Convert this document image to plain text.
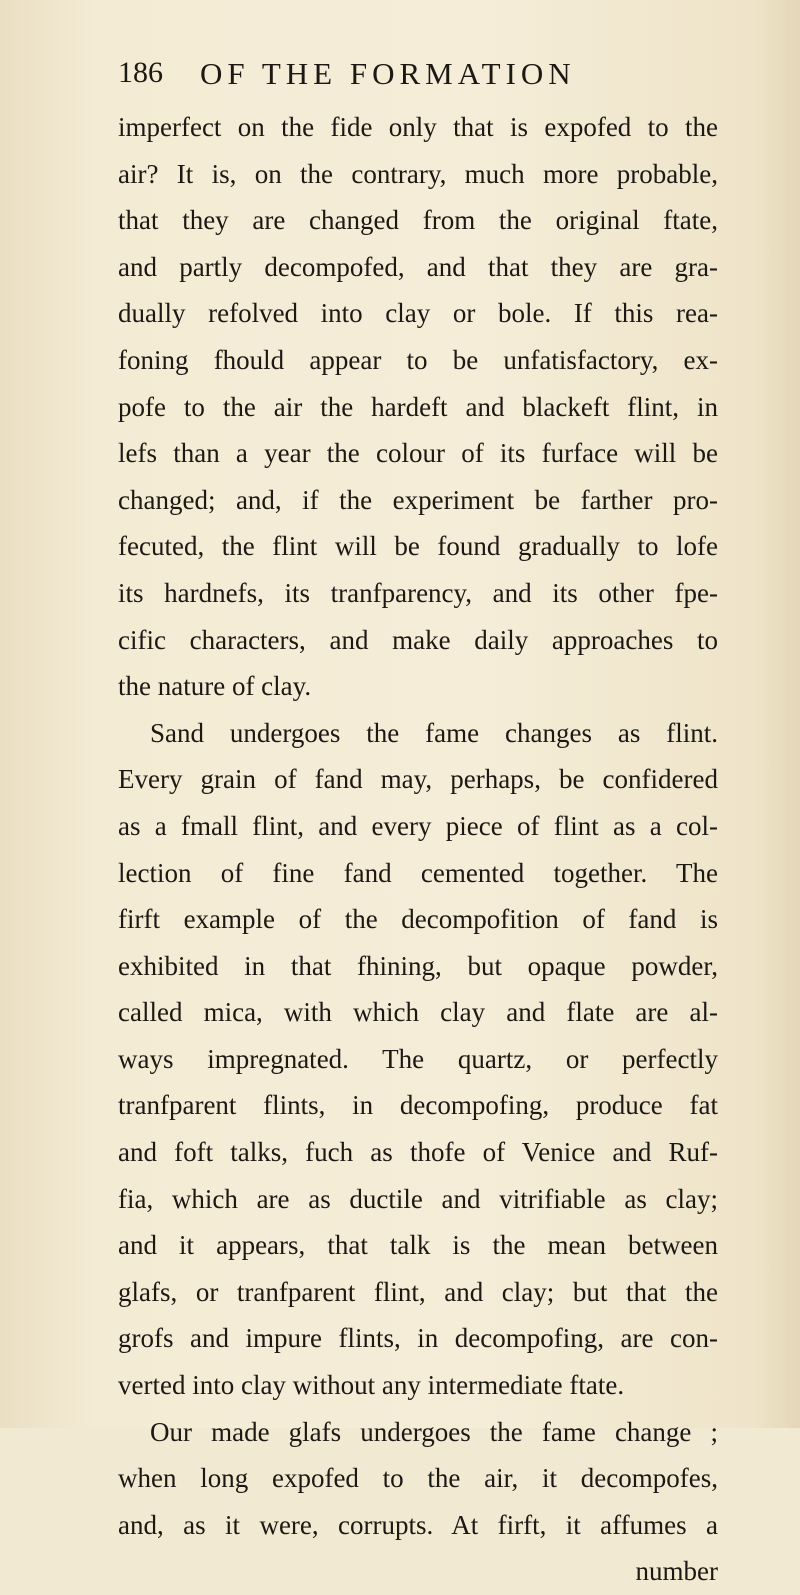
186 OF THE FORMATION
imperfect on the fide only that is expofed to the
air? It is, on the contrary, much more probable,
that they are changed from the original ftate,
and partly decompofed, and that they are gra-
dually refolved into clay or bole. If this rea-
foning fhould appear to be unfatisfactory, ex-
pofe to the air the hardeft and blackeft flint, in
lefs than a year the colour of its furface will be
changed; and, if the experiment be farther pro-
fecuted, the flint will be found gradually to lofe
its hardnefs, its tranfparency, and its other fpe-
cific characters, and make daily approaches to
the nature of clay.
Sand undergoes the fame changes as flint.
Every grain of fand may, perhaps, be confidered
as a fmall flint, and every piece of flint as a col-
lection of fine fand cemented together. The
firft example of the decompofition of fand is
exhibited in that fhining, but opaque powder,
called mica, with which clay and flate are al-
ways impregnated. The quartz, or perfectly
tranfparent flints, in decompofing, produce fat
and foft talks, fuch as thofe of Venice and Ruf-
fia, which are as ductile and vitrifiable as clay;
and it appears, that talk is the mean between
glafs, or tranfparent flint, and clay; but that the
grofs and impure flints, in decompofing, are con-
verted into clay without any intermediate ftate.
Our made glafs undergoes the fame change ;
when long expofed to the air, it decompofes,
and, as it were, corrupts. At firft, it affumes a
number
